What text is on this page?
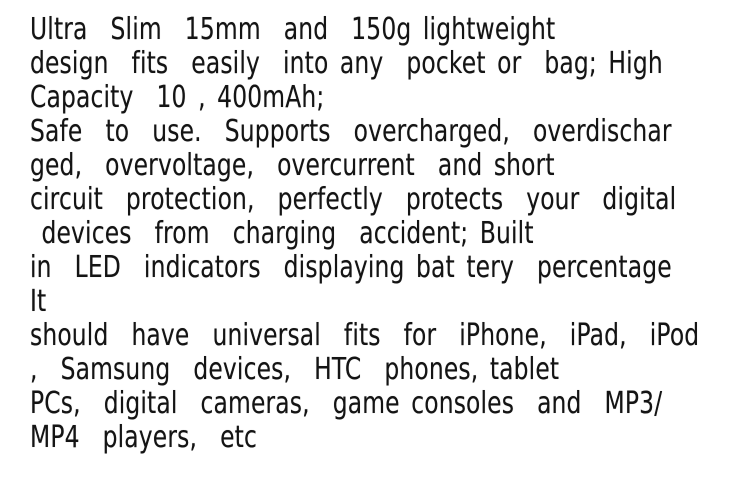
Ultra  Slim  15mm  and  150g lightweight
design  fits  easily  into any  pocket or  bag; High
Capacity  10 , 400mAh;
Safe  to  use.  Supports  overcharged,  overdischar
ged,  overvoltage,  overcurrent  and short
circuit  protection,  perfectly  protects  your  digital
devices  from  charging  accident; Built
in  LED  indicators  displaying bat tery  percentage
It
should  have  universal  fits  for  iPhone,  iPad,  iPod
,  Samsung  devices,  HTC  phones, tablet
PCs,  digital  cameras,  game consoles  and  MP3/
MP4  players,  etc
